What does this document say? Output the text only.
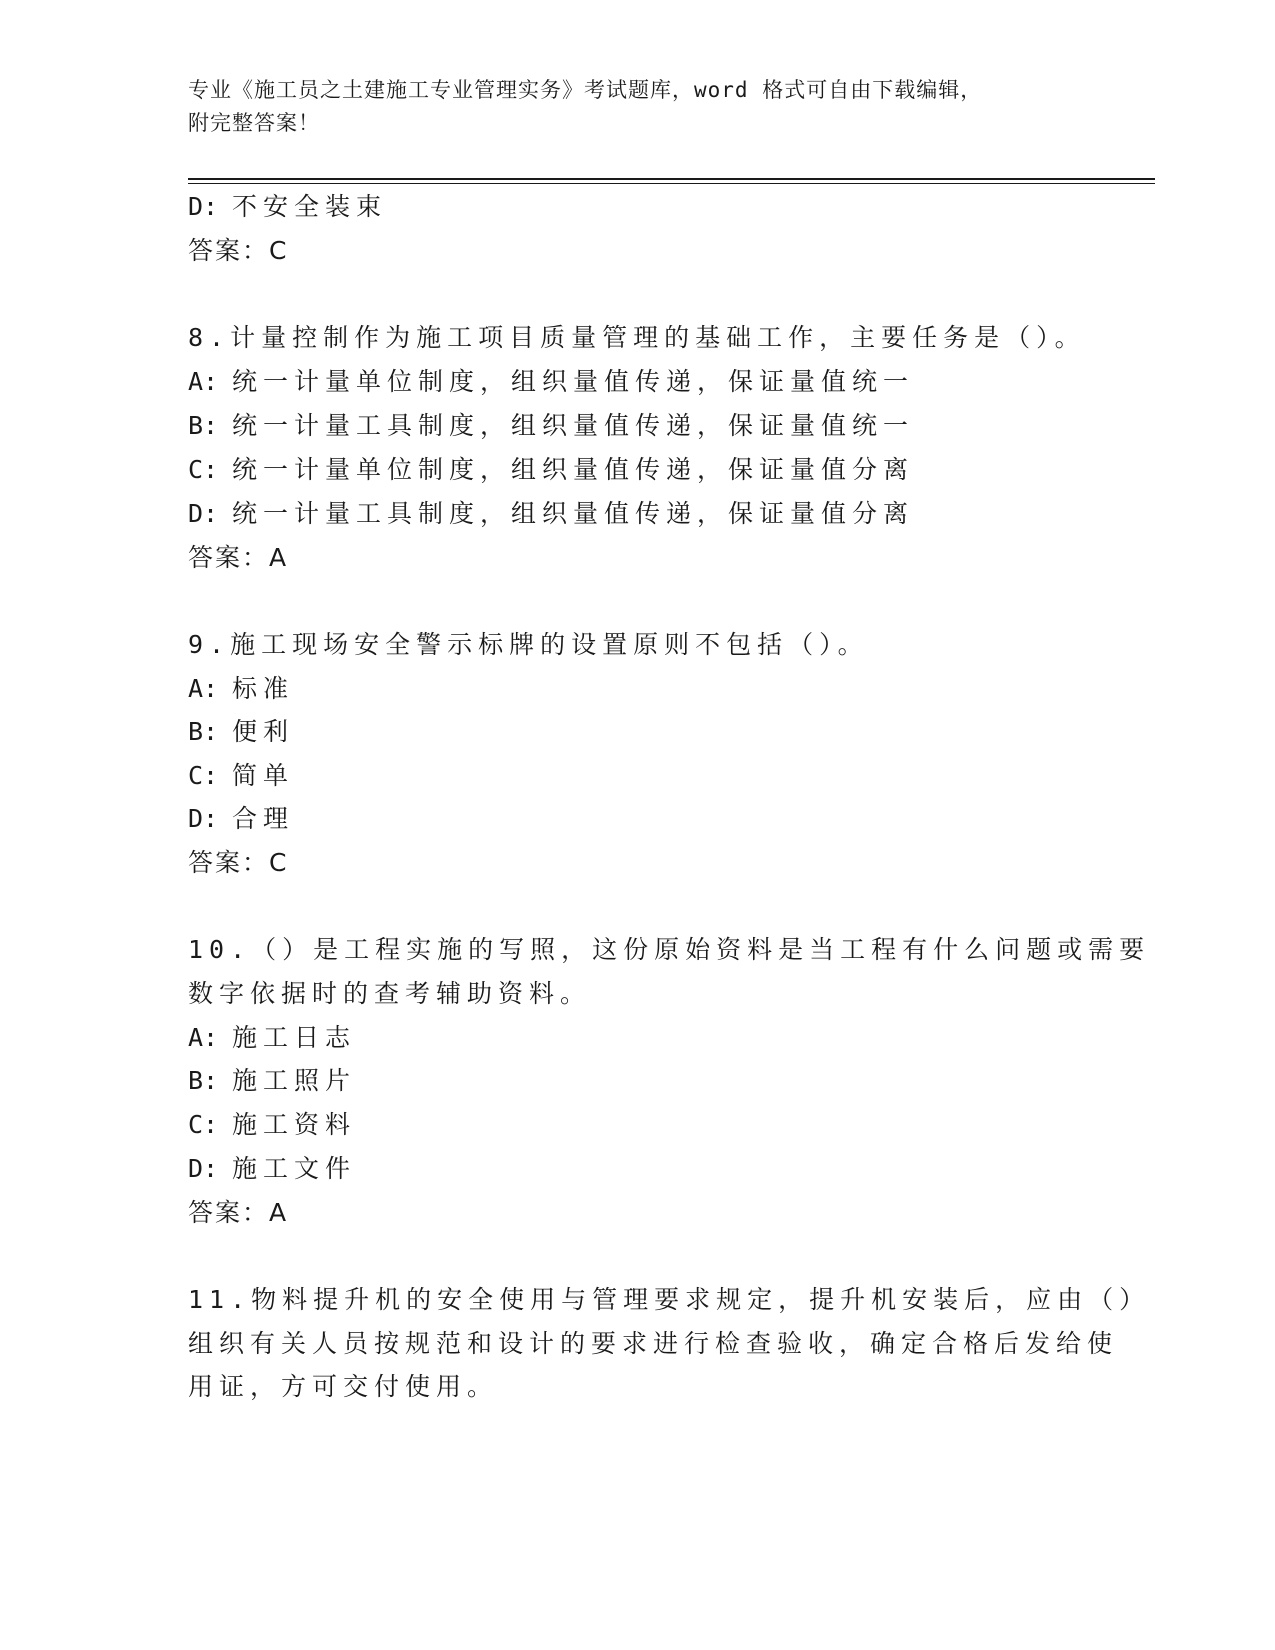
专业《施工员之土建施工专业管理实务》考试题库，word 格式可自由下载编辑，
附完整答案！
D: 不安全装束
答案：C
8.计量控制作为施工项目质量管理的基础工作，主要任务是（）。
A: 统一计量单位制度，组织量值传递，保证量值统一
B: 统一计量工具制度，组织量值传递，保证量值统一
C: 统一计量单位制度，组织量值传递，保证量值分离
D: 统一计量工具制度，组织量值传递，保证量值分离
答案：A
9.施工现场安全警示标牌的设置原则不包括（）。
A: 标准
B: 便利
C: 简单
D: 合理
答案：C
10.（）是工程实施的写照，这份原始资料是当工程有什么问题或需要
数字依据时的查考辅助资料。
A: 施工日志
B: 施工照片
C: 施工资料
D: 施工文件
答案：A
11.物料提升机的安全使用与管理要求规定，提升机安装后，应由（）
组织有关人员按规范和设计的要求进行检查验收，确定合格后发给使
用证，方可交付使用。
